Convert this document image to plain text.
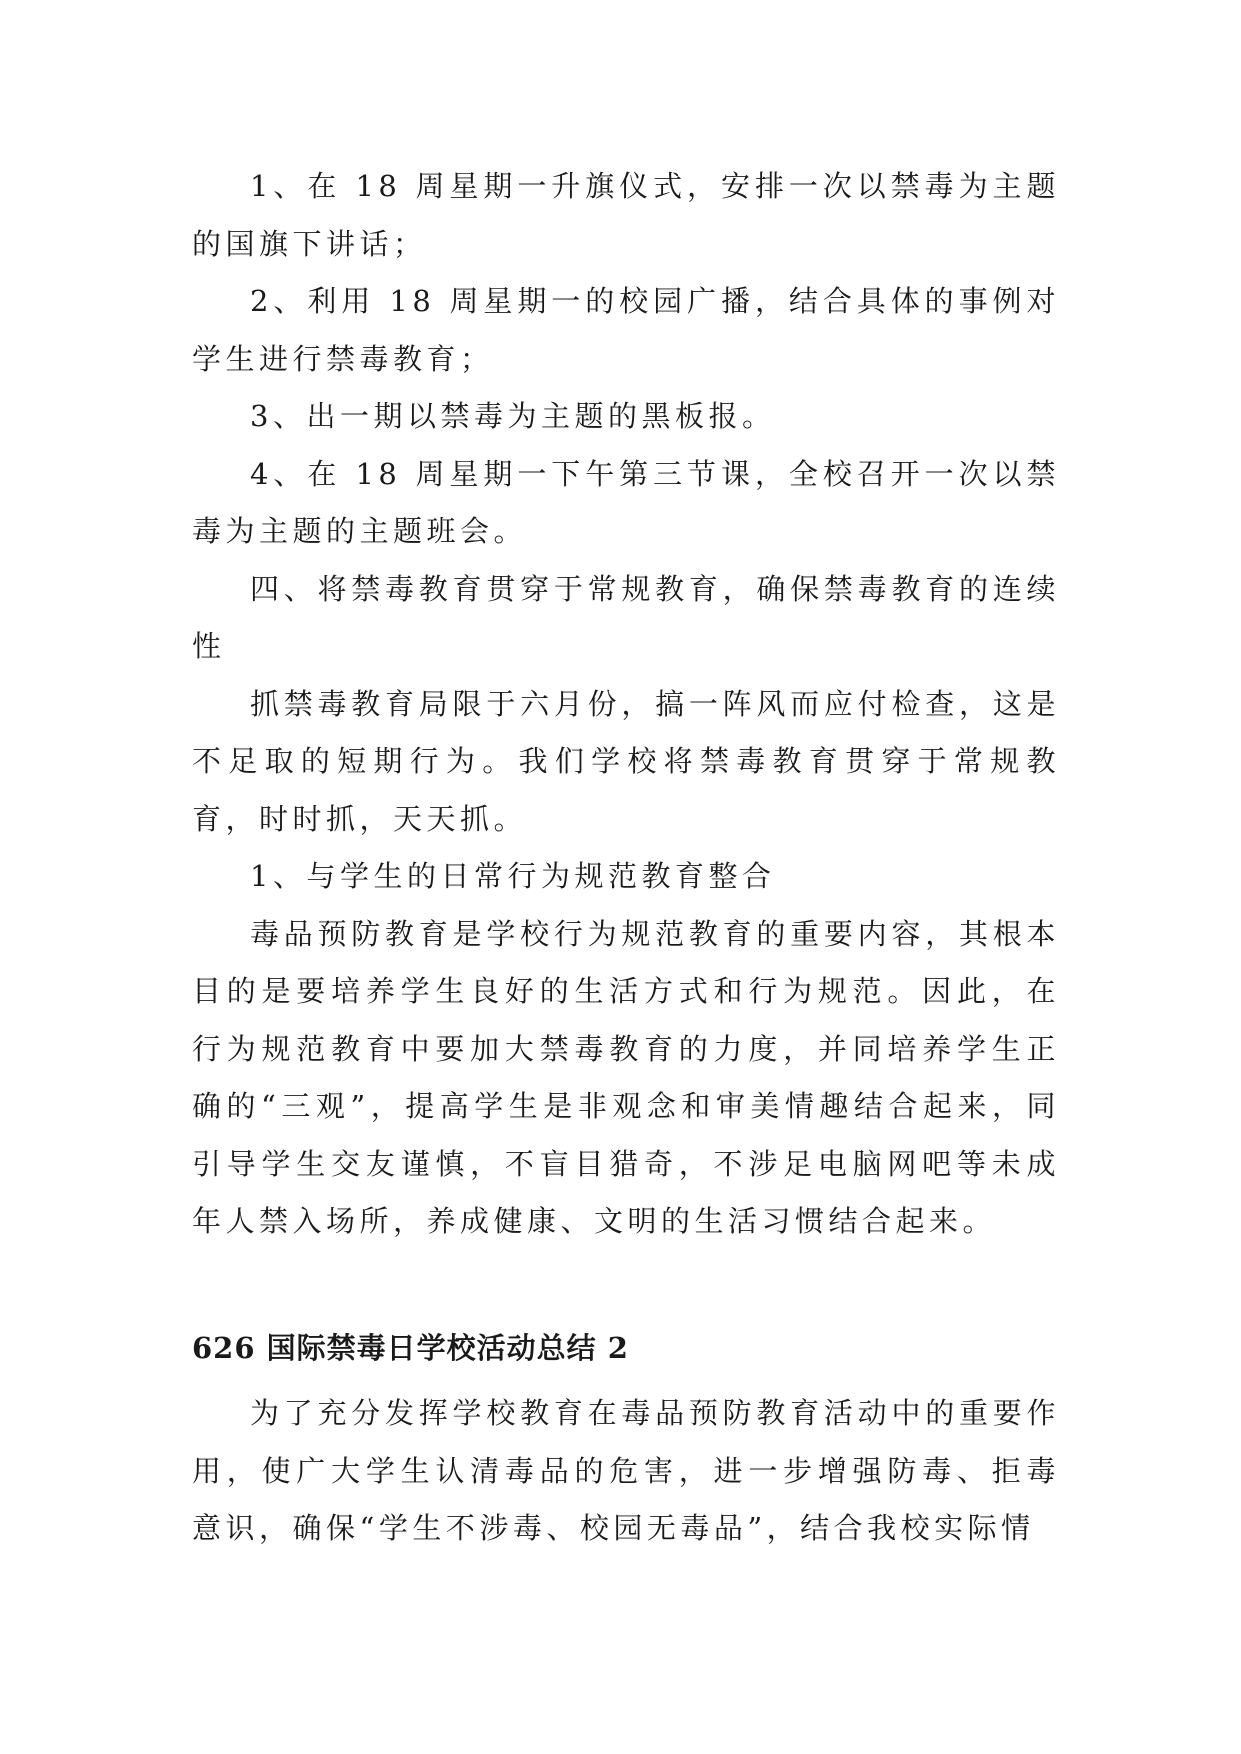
1、在 18 周星期一升旗仪式，安排一次以禁毒为主题的国旗下讲话；

2、利用 18 周星期一的校园广播，结合具体的事例对学生进行禁毒教育；

3、出一期以禁毒为主题的黑板报。

4、在 18 周星期一下午第三节课，全校召开一次以禁毒为主题的主题班会。

四、将禁毒教育贯穿于常规教育，确保禁毒教育的连续性

抓禁毒教育局限于六月份，搞一阵风而应付检查，这是不足取的短期行为。我们学校将禁毒教育贯穿于常规教育，时时抓，天天抓。

1、与学生的日常行为规范教育整合

毒品预防教育是学校行为规范教育的重要内容，其根本目的是要培养学生良好的生活方式和行为规范。因此，在行为规范教育中要加大禁毒教育的力度，并同培养学生正确的“三观”，提高学生是非观念和审美情趣结合起来，同引导学生交友谨慎，不盲目猎奇，不涉足电脑网吧等未成年人禁入场所，养成健康、文明的生活习惯结合起来。

626 国际禁毒日学校活动总结 2

为了充分发挥学校教育在毒品预防教育活动中的重要作用，使广大学生认清毒品的危害，进一步增强防毒、拒毒意识，确保“学生不涉毒、校园无毒品”，结合我校实际情
